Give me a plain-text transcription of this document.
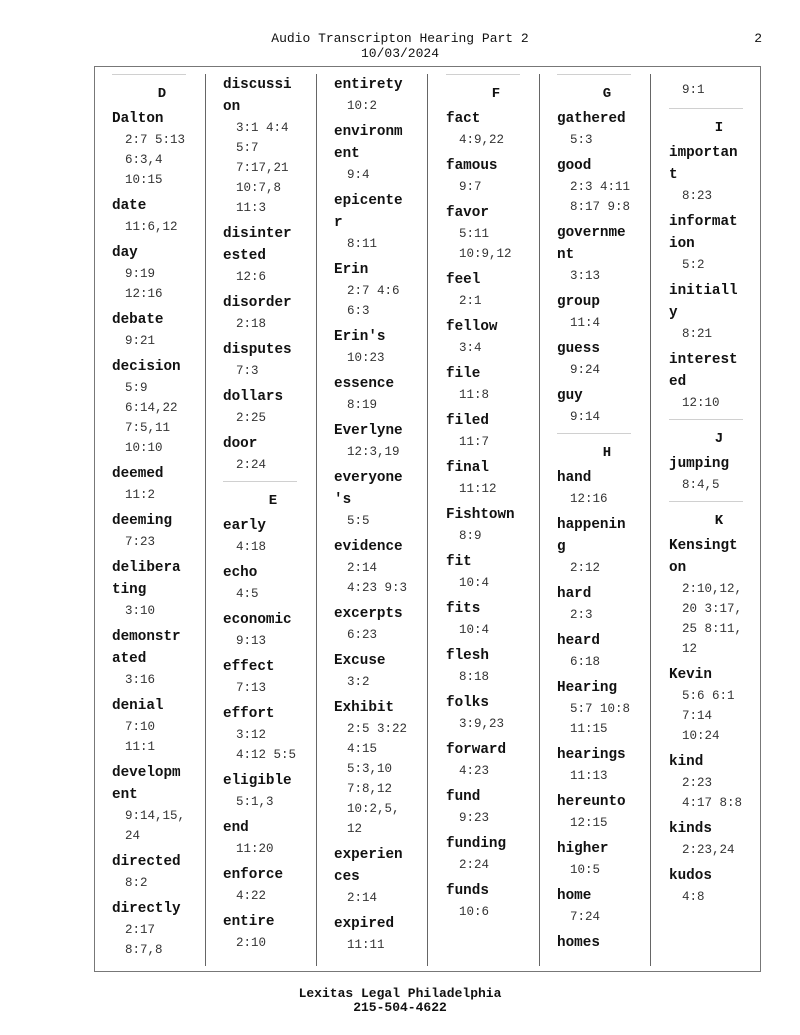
Audio Transcripton Hearing Part 2
10/03/2024
2
D
Dalton
2:7 5:13
6:3,4
10:15
date
11:6,12
day
9:19
12:16
debate
9:21
decision
5:9
6:14,22
7:5,11
10:10
deemed
11:2
deeming
7:23
delibera
ting
3:10
demonstr
ated
3:16
denial
7:10
11:1
developm
ent
9:14,15,
24
directed
8:2
directly
2:17
8:7,8
discussi
on
3:1 4:4
5:7
7:17,21
10:7,8
11:3
disinter
ested
12:6
disorder
2:18
disputes
7:3
dollars
2:25
door
2:24
E
early
4:18
echo
4:5
economic
9:13
effect
7:13
effort
3:12
4:12 5:5
eligible
5:1,3
end
11:20
enforce
4:22
entire
2:10
entirety
10:2
environm
ent
9:4
epicente
r
8:11
Erin
2:7 4:6
6:3
Erin's
10:23
essence
8:19
Everlyne
12:3,19
everyone
's
5:5
evidence
2:14
4:23 9:3
excerpts
6:23
Excuse
3:2
Exhibit
2:5 3:22
4:15
5:3,10
7:8,12
10:2,5,
12
experien
ces
2:14
expired
11:11
F
fact
4:9,22
famous
9:7
favor
5:11
10:9,12
feel
2:1
fellow
3:4
file
11:8
filed
11:7
final
11:12
Fishtown
8:9
fit
10:4
fits
10:4
flesh
8:18
folks
3:9,23
forward
4:23
fund
9:23
funding
2:24
funds
10:6
G
gathered
5:3
good
2:3 4:11
8:17 9:8
governme
nt
3:13
group
11:4
guess
9:24
guy
9:14
H
hand
12:16
happenin
g
2:12
hard
2:3
heard
6:18
Hearing
5:7 10:8
11:15
hearings
11:13
hereunto
12:15
higher
10:5
home
7:24
homes
9:1
I
importan
t
8:23
informat
ion
5:2
initiall
y
8:21
interest
ed
12:10
J
jumping
8:4,5
K
Kensingt
on
2:10,12,
20 3:17,
25 8:11,
12
Kevin
5:6 6:1
7:14
10:24
kind
2:23
4:17 8:8
kinds
2:23,24
kudos
4:8
Lexitas Legal Philadelphia
215-504-4622
